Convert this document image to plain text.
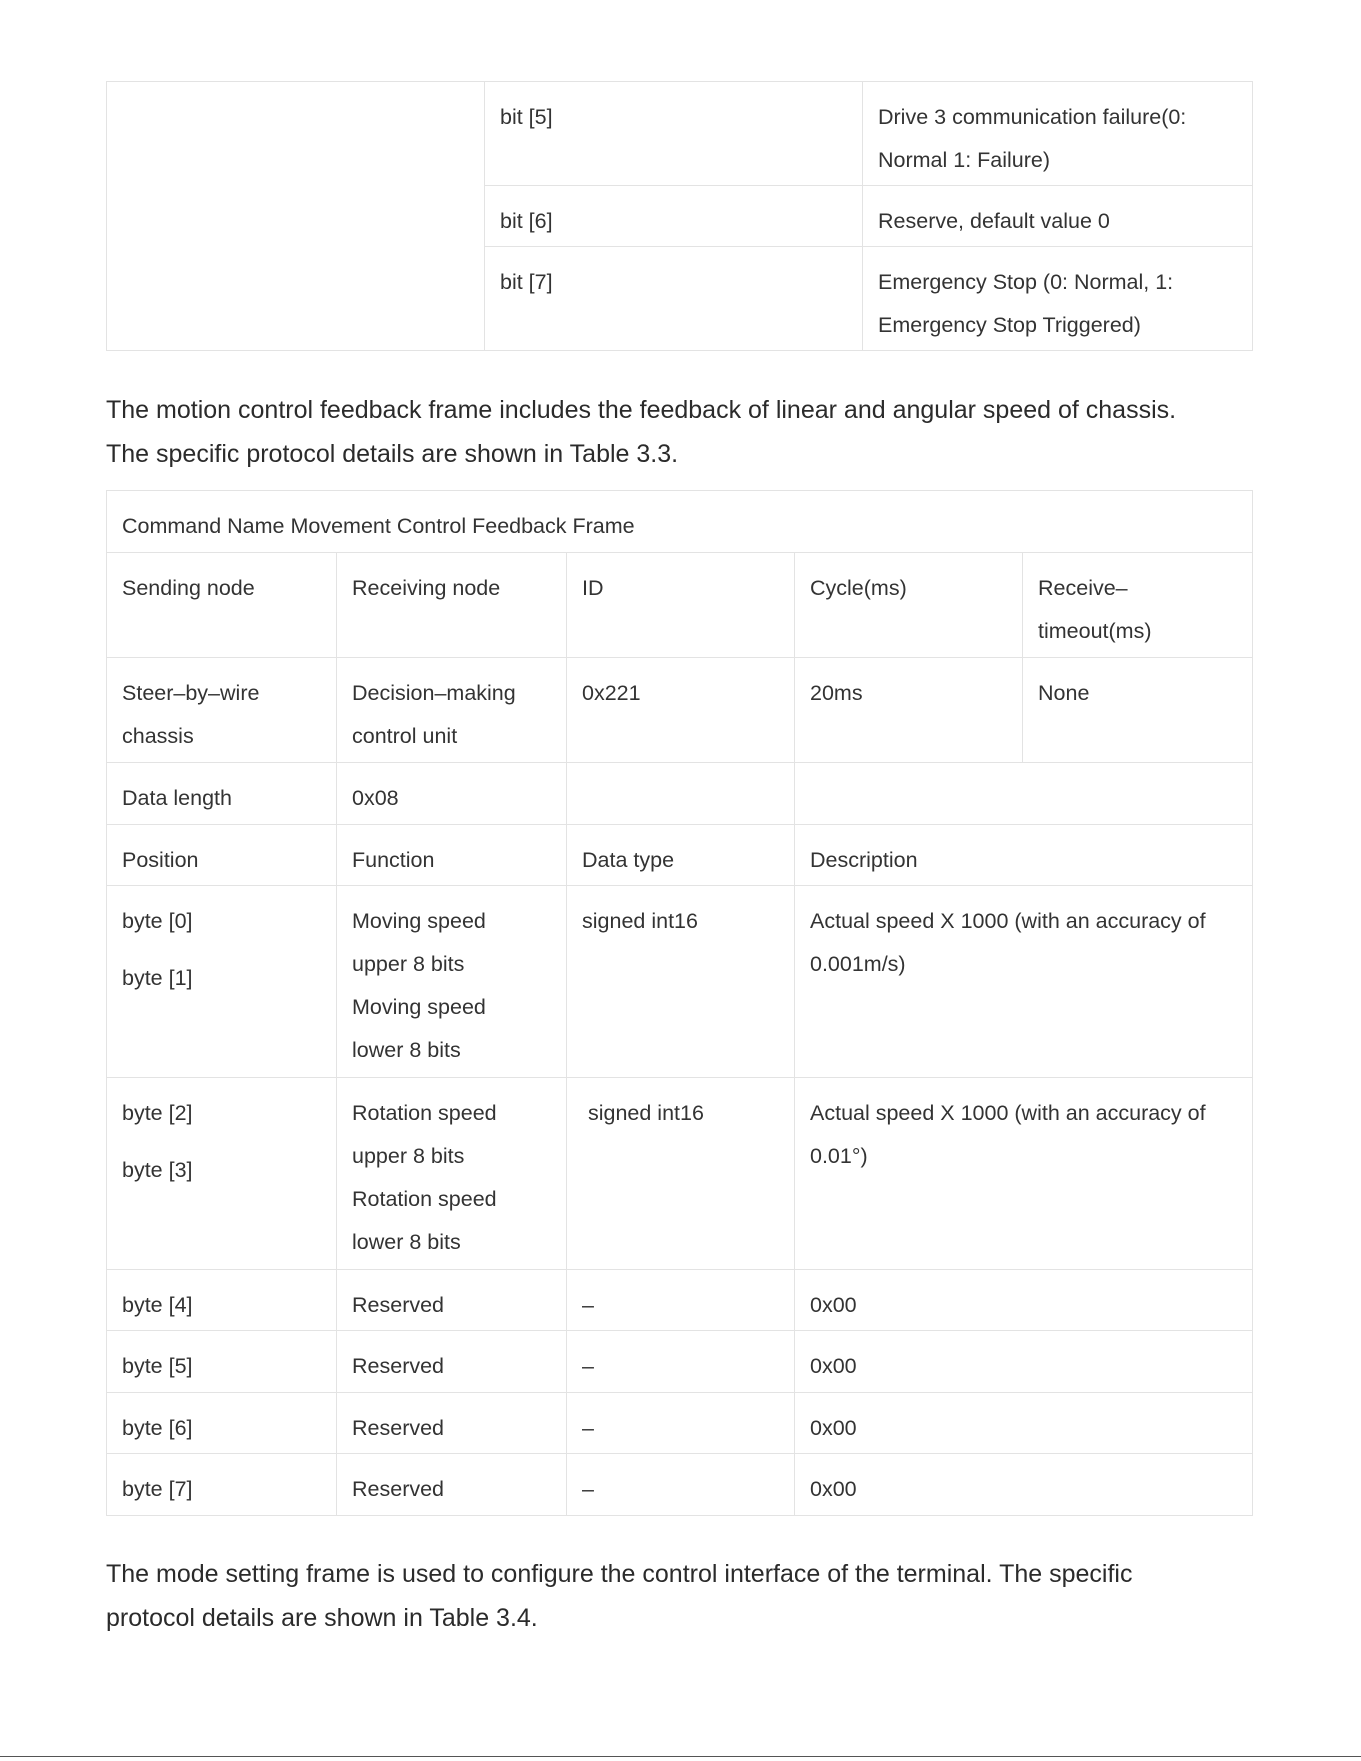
	bit [5]	Drive 3 communication failure(0:
Normal 1: Failure)

	bit [6]	Reserve, default value 0

	bit [7]	Emergency Stop (0: Normal, 1:
Emergency Stop Triggered)

The motion control feedback frame includes the feedback of linear and angular speed of chassis.
The specific protocol details are shown in Table 3.3.

Command Name Movement Control Feedback Frame				
Sending node	Receiving node	ID	Cycle(ms)	Receive–
timeout(ms)

Steer–by–wire
chassis	Decision–making
control unit	0x221	20ms	None
Data length	0x08			
Position	Function	Data type	Description	

byte [0]
byte [1]	Moving speed
upper 8 bits
Moving speed
lower 8 bits	signed int16	Actual speed X 1000 (with an accuracy of
0.001m/s)	

byte [2]
byte [3]	Rotation speed
upper 8 bits
Rotation speed
lower 8 bits	signed int16	Actual speed X 1000 (with an accuracy of
0.01°)	

byte [4]	Reserved	–	0x00	
byte [5]	Reserved	–	0x00	
byte [6]	Reserved	–	0x00	
byte [7]	Reserved	–	0x00	

The mode setting frame is used to configure the control interface of the terminal. The specific
protocol details are shown in Table 3.4.
